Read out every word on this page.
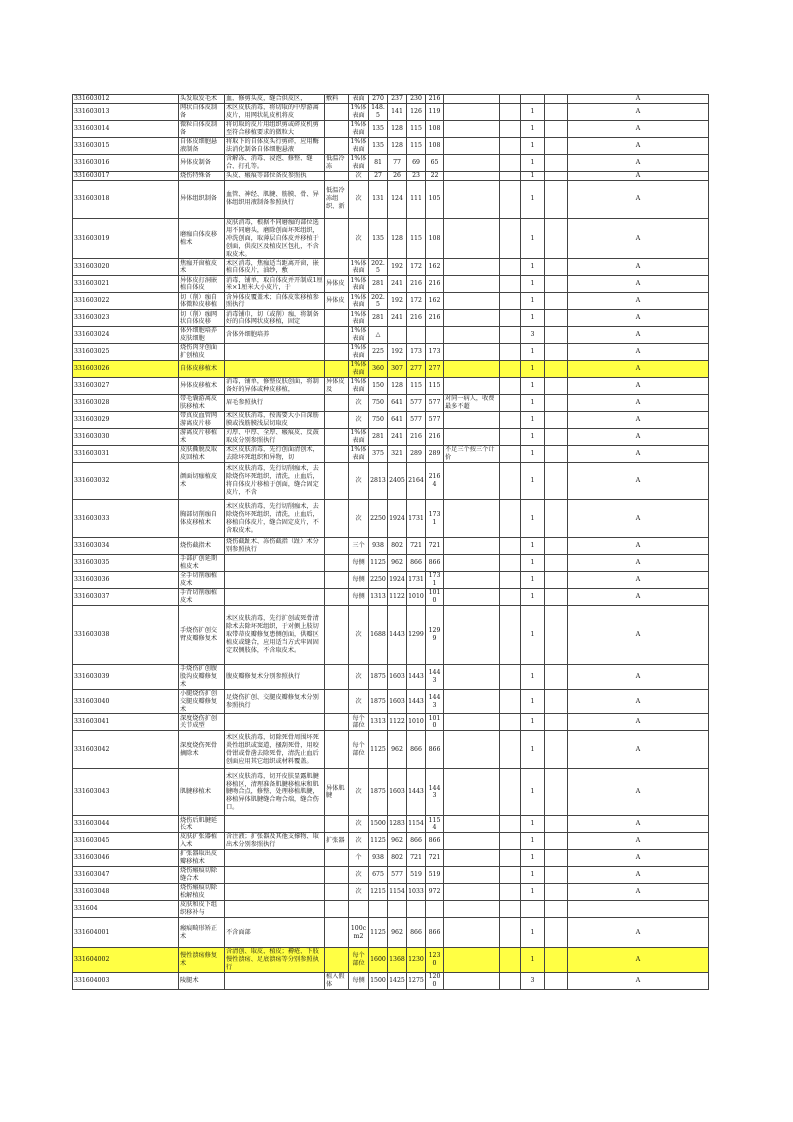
331603012	头发取发毛术	血，修剪头皮，缝合供皮区，	敷料	表面	270	237	230	216					A
331603013	网状自体皮制备	术区皮肤消毒，将切取的中厚游离皮片，用网状轧皮机将皮		1%体表面	148.5	141	126	119			1		A
331603014	微粒自体皮制备	将切取的皮片用组织剪或碎皮机剪至符合移植要求的微粒大		1%体表面	135	128	115	108			1		A
331603015	自体皮细胞悬液制备	将取下的自体皮头行剪碎，应用酶法消化制备自体细胞悬液		1%体表面	135	128	115	108			1		A
331603016	异体皮制备	含解冻、消毒、浸泡、修整、缝合、打孔等。	低温冷冻	1%体表面	81	77	69	65			1		A
331603017	烧伤特殊备	头皮、瘢痕等部位备皮参照执		次	27	26	23	22			1		A
331603018	异体组织制备	血管、神经、肌腱、筋膜、骨、异体组织用液制备参照执行	低温冷冻组织、新	次	131	124	111	105			1		A
331603019	磨痂自体皮移植术	皮肤消毒，根据不同磨痂的部位选用不同磨头，磨除创面坏死组织，冲洗创面，取薄层自体皮并移植于创面，供皮区及植皮区包扎，不含取皮术。		次	135	128	115	108			1		A
331603020	焦痂开窗植皮术	术区消毒，焦痂适当距离开窗，嵌植自体皮片，油纱，敷		1%体表面	202.5	192	172	162			1		A
331603021	异体皮打洞嵌植自体皮	消毒，铺单，取自体皮并开制成1厘米×1厘米大小皮片，于	异体皮	1%体表面	281	241	216	216			1		A
331603022	切（削）痂自体微粒皮移植	含异体皮覆盖术；自体皮浆移植参照执行	异体皮	1%体表面	202.5	192	172	162			1		A
331603023	切（削）痂网状自体皮移	消毒铺巾，切（或削）痂，将制备好的自体网状皮移植，固定		1%体表面	281	241	216	216			1		A
331603024	体外细胞培养皮肤细胞	含体外细胞培养		1%体表面	△						3		A
331603025	烧伤肉芽创面扩创植皮			1%体表面	225	192	173	173			1		A
331603026	自体皮移植术			1%体表面	360	307	277	277			1		A
331603027	异体皮移植术	消毒，铺单，修整皮肤创面，将制备好的异体或种皮移植，	异体皮及	1%体表面	150	128	115	115			1		A
331603028	带毛囊游离皮肤移植术	眉毛参照执行		次	750	641	577	577	对同一病人，收费最多不超		1		A
331603029	带真皮血管网游离皮片移	术区皮肤消毒，按需要大小自深筋膜或浅筋膜浅层切取皮		次	750	641	577	577			1		A
331603030	游离皮片移植术	刃厚、中厚、全厚、瘢痕皮、反鼓取皮分别参照执行		1%体表面	281	241	216	216			1		A
331603031	皮肤撕脱反取皮回植术	术区皮肤消毒，先行创面清创术，去除坏死组织和异物，切		1%体表面	375	321	289	289	不足三个按三个计价		1		A
331603032	颜面切痂植皮术	术区皮肤消毒，先行切削痂术，去除烧伤坏死组织，清洗，止血后，将自体皮片移植于创面，缝合固定皮片，不含		次	2813	2405	2164	2164			1		A
331603033	胸部切削痂自体皮移植术	术区皮肤消毒，先行切削痂术，去除烧伤坏死组织，清洗，止血后，移植自体皮片，缝合固定皮片，不含取皮术。		次	2250	1924	1731	1731			1		A
331603034	烧伤截指术	烧伤截趾术、冻伤截指（趾）术分别参照执行		三个	938	802	721	721			1		A
331603035	手部扩创延期植皮术			每侧	1125	962	866	866			1		A
331603036	全手切削痂植皮术			每侧	2250	1924	1731	1731			1		A
331603037	手背切削痂植皮术			每侧	1313	1122	1010	1010			1		A
331603038	手烧伤扩创交臂皮瓣修复术	术区皮肤消毒，先行扩创或死骨清除术去除坏死组织，于对侧上肢切取带蒂皮瓣修复患侧创面，供瓣区植皮或缝合，应用适当方式牢固固定双侧肢体，不含取皮术。		次	1688	1443	1299	1299			1		A
331603039	手烧伤扩创腹股沟皮瓣修复术	腹皮瓣修复术分别参照执行		次	1875	1603	1443	1443			1		A
331603040	小腿烧伤扩创交腿皮瓣修复术	足烧伤扩创、交腿皮瓣修复术分别参照执行		次	1875	1603	1443	1443			1		A
331603041	深度烧伤扩创关节成型			每个部位	1313	1122	1010	1010			1		A
331603042	深度烧伤死骨摘除术	术区皮肤消毒，切除死骨周围坏死炎性组织或窦道，搔刮死骨，用咬骨钳或骨凿去除死骨，清洗止血后创面应用其它组织或材料覆盖。		每个部位	1125	962	866	866			1		A
331603043	肌腱移植术	术区皮肤消毒，切开皮肤显露肌腱移植区，清理准备肌腱移植床和肌腱吻合点，修整、处理移植肌腱，移植异体肌腱缝合吻合端，缝合伤口。	异体肌腱	次	1875	1603	1443	1443			1		A
331603044	烧伤后肌腱延长术			次	1500	1283	1154	1154			1		A
331603045	皮肤扩张器植入术	含注液；扩张器及其他支撑物、取出术分别参照执行	扩张器	次	1125	962	866	866			1		A
331603046	扩张器取出皮瓣移植术			个	938	802	721	721			1		A
331603047	烧伤瘢痕切除缝合术			次	675	577	519	519			1		A
331603048	烧伤瘢痕切除松解植皮			次	1215	1154	1033	972			1		A
331604	皮肤和皮下组织移补与												
331604001	瘢痕畸形矫正术	不含面部		100cm2	1125	962	866	866			1		A
331604002	慢性溃疡修复术	含清创、取皮、植皮；褥疮、下肢慢性溃疡、足底溃疡等分别参照执行		每个部位	1600	1368	1230	1230			1		A
331604003	陵腿术		植入假体	每侧	1500	1425	1275	1200			3		A
